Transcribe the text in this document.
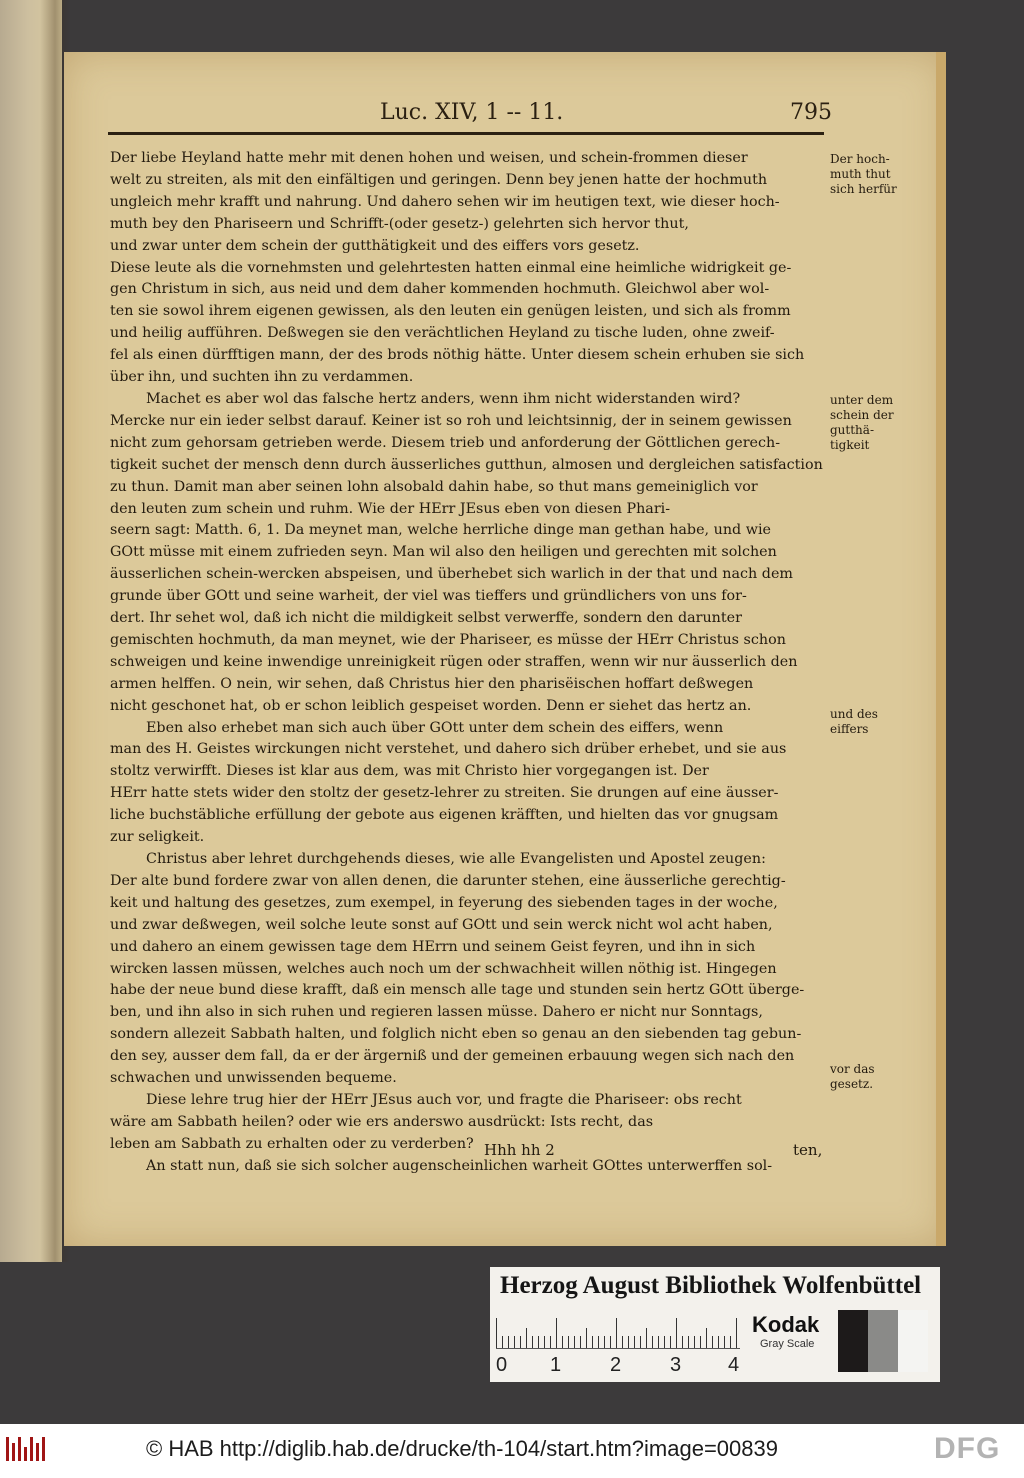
Luc. XIV, 1 -- 11.	795

Der liebe Heyland hatte mehr mit denen hohen und weisen, und schein-frommen dieser

welt zu streiten, als mit den einfältigen und geringen. Denn bey jenen hatte der hochmuth

ungleich mehr krafft und nahrung. Und dahero sehen wir im heutigen text, wie dieser hoch-

muth bey den Phariseern und Schrifft-(oder gesetz-) gelehrten sich hervor thut,

und zwar unter dem schein der gutthätigkeit und des eiffers vors gesetz.

Diese leute als die vornehmsten und gelehrtesten hatten einmal eine heimliche widrigkeit ge-

gen Christum in sich, aus neid und dem daher kommenden hochmuth. Gleichwol aber wol-

ten sie sowol ihrem eigenen gewissen, als den leuten ein genügen leisten, und sich als fromm

und heilig aufführen. Deßwegen sie den verächtlichen Heyland zu tische luden, ohne zweif-

fel als einen dürfftigen mann, der des brods nöthig hätte. Unter diesem schein erhuben sie sich

über ihn, und suchten ihn zu verdammen.

Machet es aber wol das falsche hertz anders, wenn ihm nicht widerstanden wird?

Mercke nur ein ieder selbst darauf. Keiner ist so roh und leichtsinnig, der in seinem gewissen

nicht zum gehorsam getrieben werde. Diesem trieb und anforderung der Göttlichen gerech-

tigkeit suchet der mensch denn durch äusserliches gutthun, almosen und dergleichen satisfaction

zu thun. Damit man aber seinen lohn alsobald dahin habe, so thut mans gemeiniglich vor

den leuten zum schein und ruhm. Wie der HErr JEsus eben von diesen Phari-

seern sagt: Matth. 6, 1. Da meynet man, welche herrliche dinge man gethan habe, und wie

GOtt müsse mit einem zufrieden seyn. Man wil also den heiligen und gerechten mit solchen

äusserlichen schein-wercken abspeisen, und überhebet sich warlich in der that und nach dem

grunde über GOtt und seine warheit, der viel was tieffers und gründlichers von uns for-

dert. Ihr sehet wol, daß ich nicht die mildigkeit selbst verwerffe, sondern den darunter

gemischten hochmuth, da man meynet, wie der Phariseer, es müsse der HErr Christus schon

schweigen und keine inwendige unreinigkeit rügen oder straffen, wenn wir nur äusserlich den

armen helffen. O nein, wir sehen, daß Christus hier den pharisëischen hoffart deßwegen

nicht geschonet hat, ob er schon leiblich gespeiset worden. Denn er siehet das hertz an.

Eben also erhebet man sich auch über GOtt unter dem schein des eiffers, wenn

man des H. Geistes wirckungen nicht verstehet, und dahero sich drüber erhebet, und sie aus

stoltz verwirfft. Dieses ist klar aus dem, was mit Christo hier vorgegangen ist. Der

HErr hatte stets wider den stoltz der gesetz-lehrer zu streiten. Sie drungen auf eine äusser-

liche buchstäbliche erfüllung der gebote aus eigenen kräfften, und hielten das vor gnugsam

zur seligkeit.

Christus aber lehret durchgehends dieses, wie alle Evangelisten und Apostel zeugen:

Der alte bund fordere zwar von allen denen, die darunter stehen, eine äusserliche gerechtig-

keit und haltung des gesetzes, zum exempel, in feyerung des siebenden tages in der woche,

und zwar deßwegen, weil solche leute sonst auf GOtt und sein werck nicht wol acht haben,

und dahero an einem gewissen tage dem HErrn und seinem Geist feyren, und ihn in sich

wircken lassen müssen, welches auch noch um der schwachheit willen nöthig ist. Hingegen

habe der neue bund diese krafft, daß ein mensch alle tage und stunden sein hertz GOtt überge-

ben, und ihn also in sich ruhen und regieren lassen müsse. Dahero er nicht nur Sonntags,

sondern allezeit Sabbath halten, und folglich nicht eben so genau an den siebenden tag gebun-

den sey, ausser dem fall, da er der ärgerniß und der gemeinen erbauung wegen sich nach den

schwachen und unwissenden bequeme.

Diese lehre trug hier der HErr JEsus auch vor, und fragte die Phariseer: obs recht

wäre am Sabbath heilen? oder wie ers anderswo ausdrückt: Ists recht, das

leben am Sabbath zu erhalten oder zu verderben?

An statt nun, daß sie sich solcher augenscheinlichen warheit GOttes unterwerffen sol-

Der hoch-
muth thut
sich herfür
unter dem
schein der
gutthä-
tigkeit
und des
eiffers
vor das
gesetz.
Hhh hh 2	ten,
Herzog August Bibliothek Wolfenbüttel
0 1 2 3 4
Kodak
Gray Scale
© HAB http://diglib.hab.de/drucke/th-104/start.htm?image=00839	DFG
